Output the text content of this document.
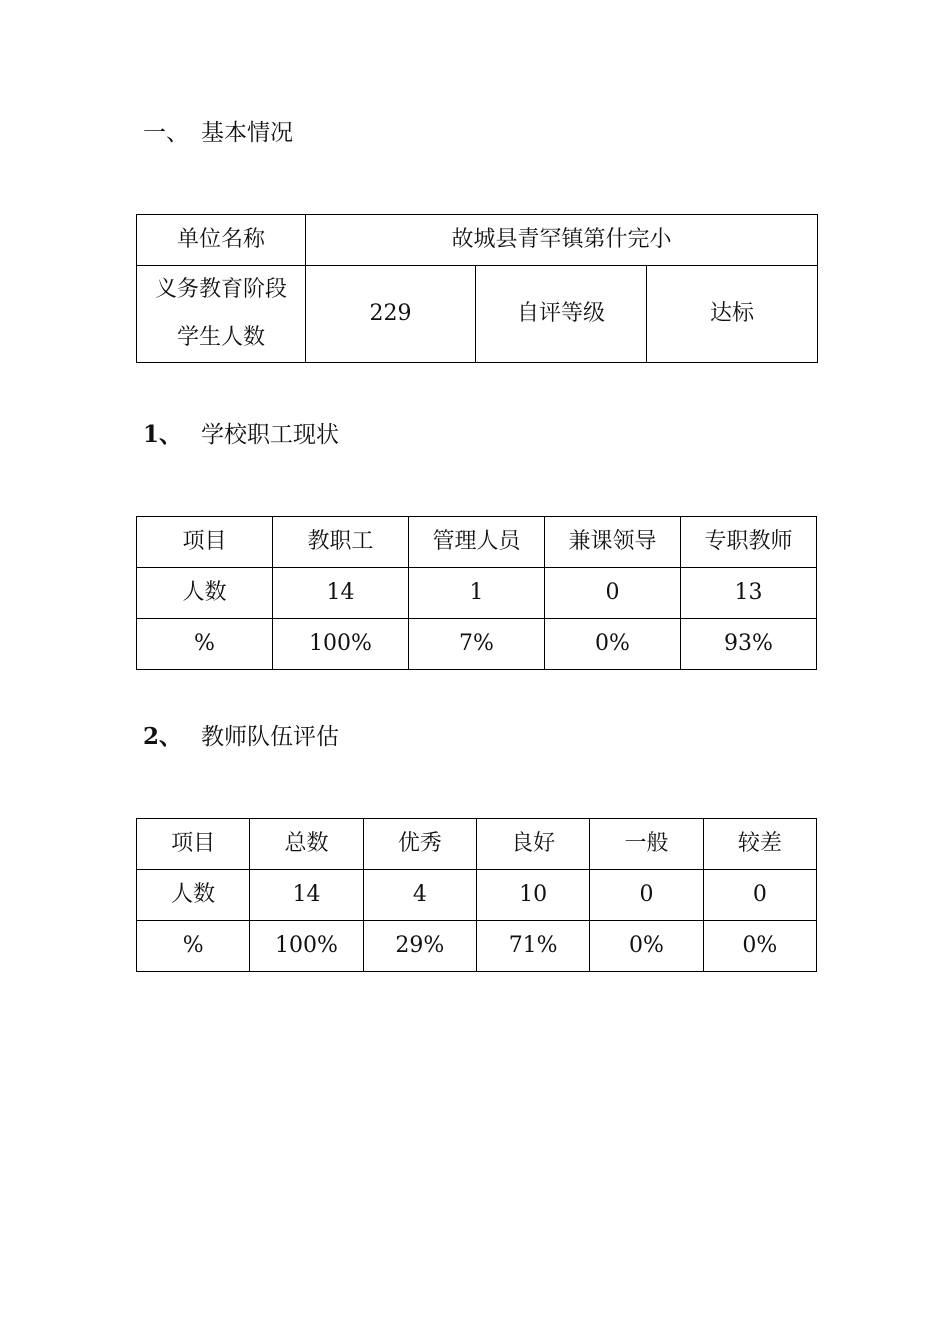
一、 基本情况
单位名称	故城县青罕镇第什完小		

义务教育阶段
学生人数	229	自评等级	达标
1、 学校职工现状
项目	教职工	管理人员	兼课领导	专职教师
人数	14	1	0	13
%	100%	7%	0%	93%
2、 教师队伍评估
项目	总数	优秀	良好	一般	较差
人数	14	4	10	0	0
%	100%	29%	71%	0%	0%
